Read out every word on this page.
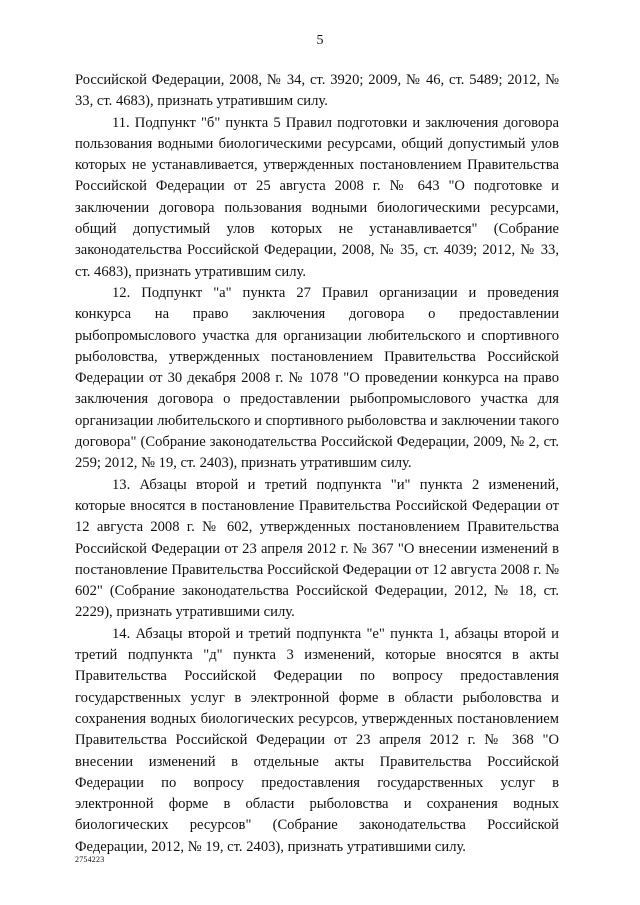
5

Российской Федерации, 2008, № 34, ст. 3920; 2009, № 46, ст. 5489; 2012, № 33, ст. 4683), признать утратившим силу.

11. Подпункт "б" пункта 5 Правил подготовки и заключения договора пользования водными биологическими ресурсами, общий допустимый улов которых не устанавливается, утвержденных постановлением Правительства Российской Федерации от 25 августа 2008 г. № 643 "О подготовке и заключении договора пользования водными биологическими ресурсами, общий допустимый улов которых не устанавливается" (Собрание законодательства Российской Федерации, 2008, № 35, ст. 4039; 2012, № 33, ст. 4683), признать утратившим силу.

12. Подпункт "а" пункта 27 Правил организации и проведения конкурса на право заключения договора о предоставлении рыбопромыслового участка для организации любительского и спортивного рыболовства, утвержденных постановлением Правительства Российской Федерации от 30 декабря 2008 г. № 1078 "О проведении конкурса на право заключения договора о предоставлении рыбопромыслового участка для организации любительского и спортивного рыболовства и заключении такого договора" (Собрание законодательства Российской Федерации, 2009, № 2, ст. 259; 2012, № 19, ст. 2403), признать утратившим силу.

13. Абзацы второй и третий подпункта "и" пункта 2 изменений, которые вносятся в постановление Правительства Российской Федерации от 12 августа 2008 г. № 602, утвержденных постановлением Правительства Российской Федерации от 23 апреля 2012 г. № 367 "О внесении изменений в постановление Правительства Российской Федерации от 12 августа 2008 г. № 602" (Собрание законодательства Российской Федерации, 2012, № 18, ст. 2229), признать утратившими силу.

14. Абзацы второй и третий подпункта "е" пункта 1, абзацы второй и третий подпункта "д" пункта 3 изменений, которые вносятся в акты Правительства Российской Федерации по вопросу предоставления государственных услуг в электронной форме в области рыболовства и сохранения водных биологических ресурсов, утвержденных постановлением Правительства Российской Федерации от 23 апреля 2012 г. № 368 "О внесении изменений в отдельные акты Правительства Российской Федерации по вопросу предоставления государственных услуг в электронной форме в области рыболовства и сохранения водных биологических ресурсов" (Собрание законодательства Российской Федерации, 2012, № 19, ст. 2403), признать утратившими силу.

2754223
